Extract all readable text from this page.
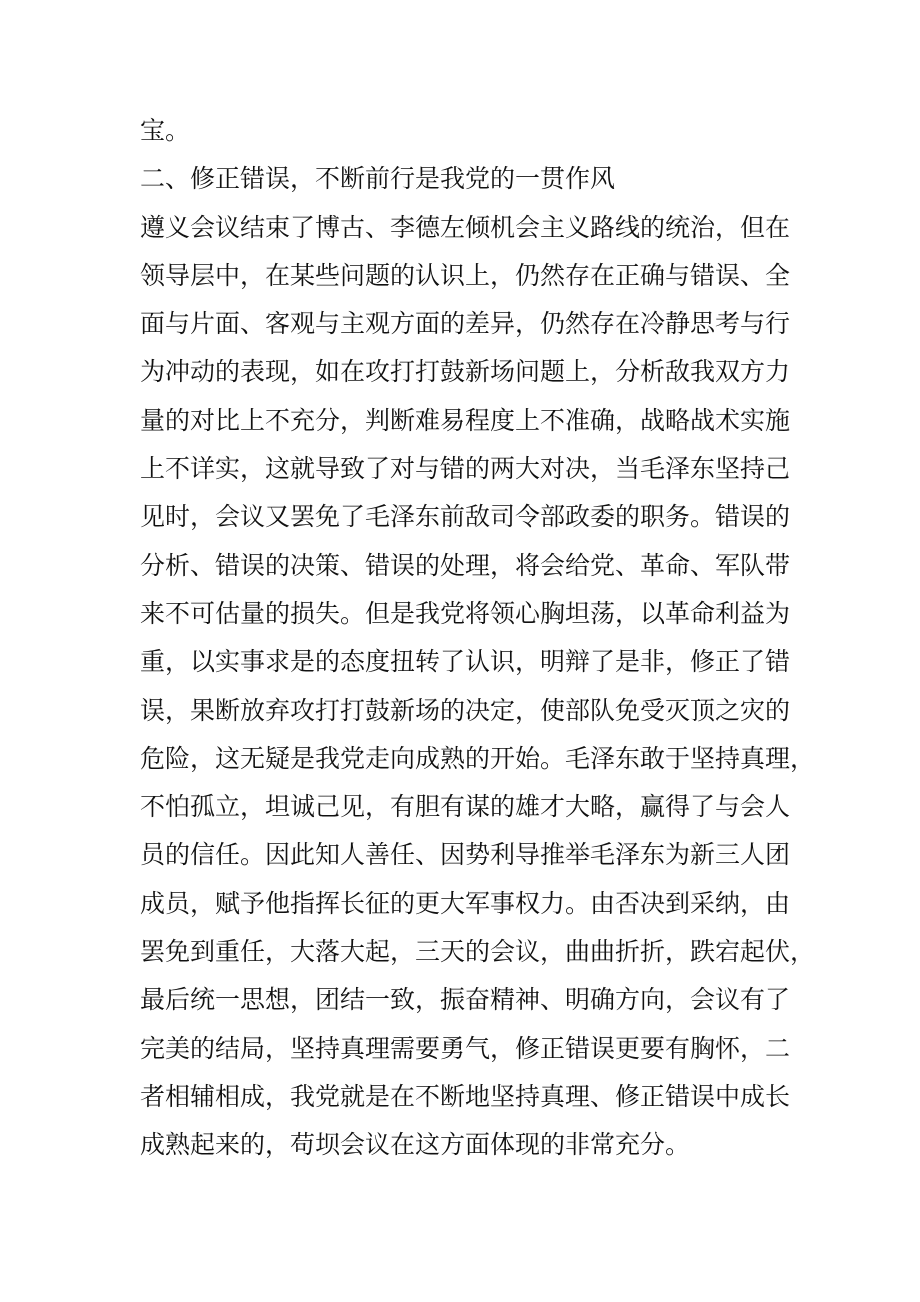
宝。
二、修正错误，不断前行是我党的一贯作风
遵义会议结束了博古、李德左倾机会主义路线的统治，但在
领导层中，在某些问题的认识上，仍然存在正确与错误、全
面与片面、客观与主观方面的差异，仍然存在冷静思考与行
为冲动的表现，如在攻打打鼓新场问题上，分析敌我双方力
量的对比上不充分，判断难易程度上不准确，战略战术实施
上不详实，这就导致了对与错的两大对决，当毛泽东坚持己
见时，会议又罢免了毛泽东前敌司令部政委的职务。错误的
分析、错误的决策、错误的处理，将会给党、革命、军队带
来不可估量的损失。但是我党将领心胸坦荡，以革命利益为
重，以实事求是的态度扭转了认识，明辩了是非，修正了错
误，果断放弃攻打打鼓新场的决定，使部队免受灭顶之灾的
危险，这无疑是我党走向成熟的开始。毛泽东敢于坚持真理，
不怕孤立，坦诚己见，有胆有谋的雄才大略，赢得了与会人
员的信任。因此知人善任、因势利导推举毛泽东为新三人团
成员，赋予他指挥长征的更大军事权力。由否决到采纳，由
罢免到重任，大落大起，三天的会议，曲曲折折，跌宕起伏，
最后统一思想，团结一致，振奋精神、明确方向，会议有了
完美的结局，坚持真理需要勇气，修正错误更要有胸怀，二
者相辅相成，我党就是在不断地坚持真理、修正错误中成长
成熟起来的，苟坝会议在这方面体现的非常充分。
